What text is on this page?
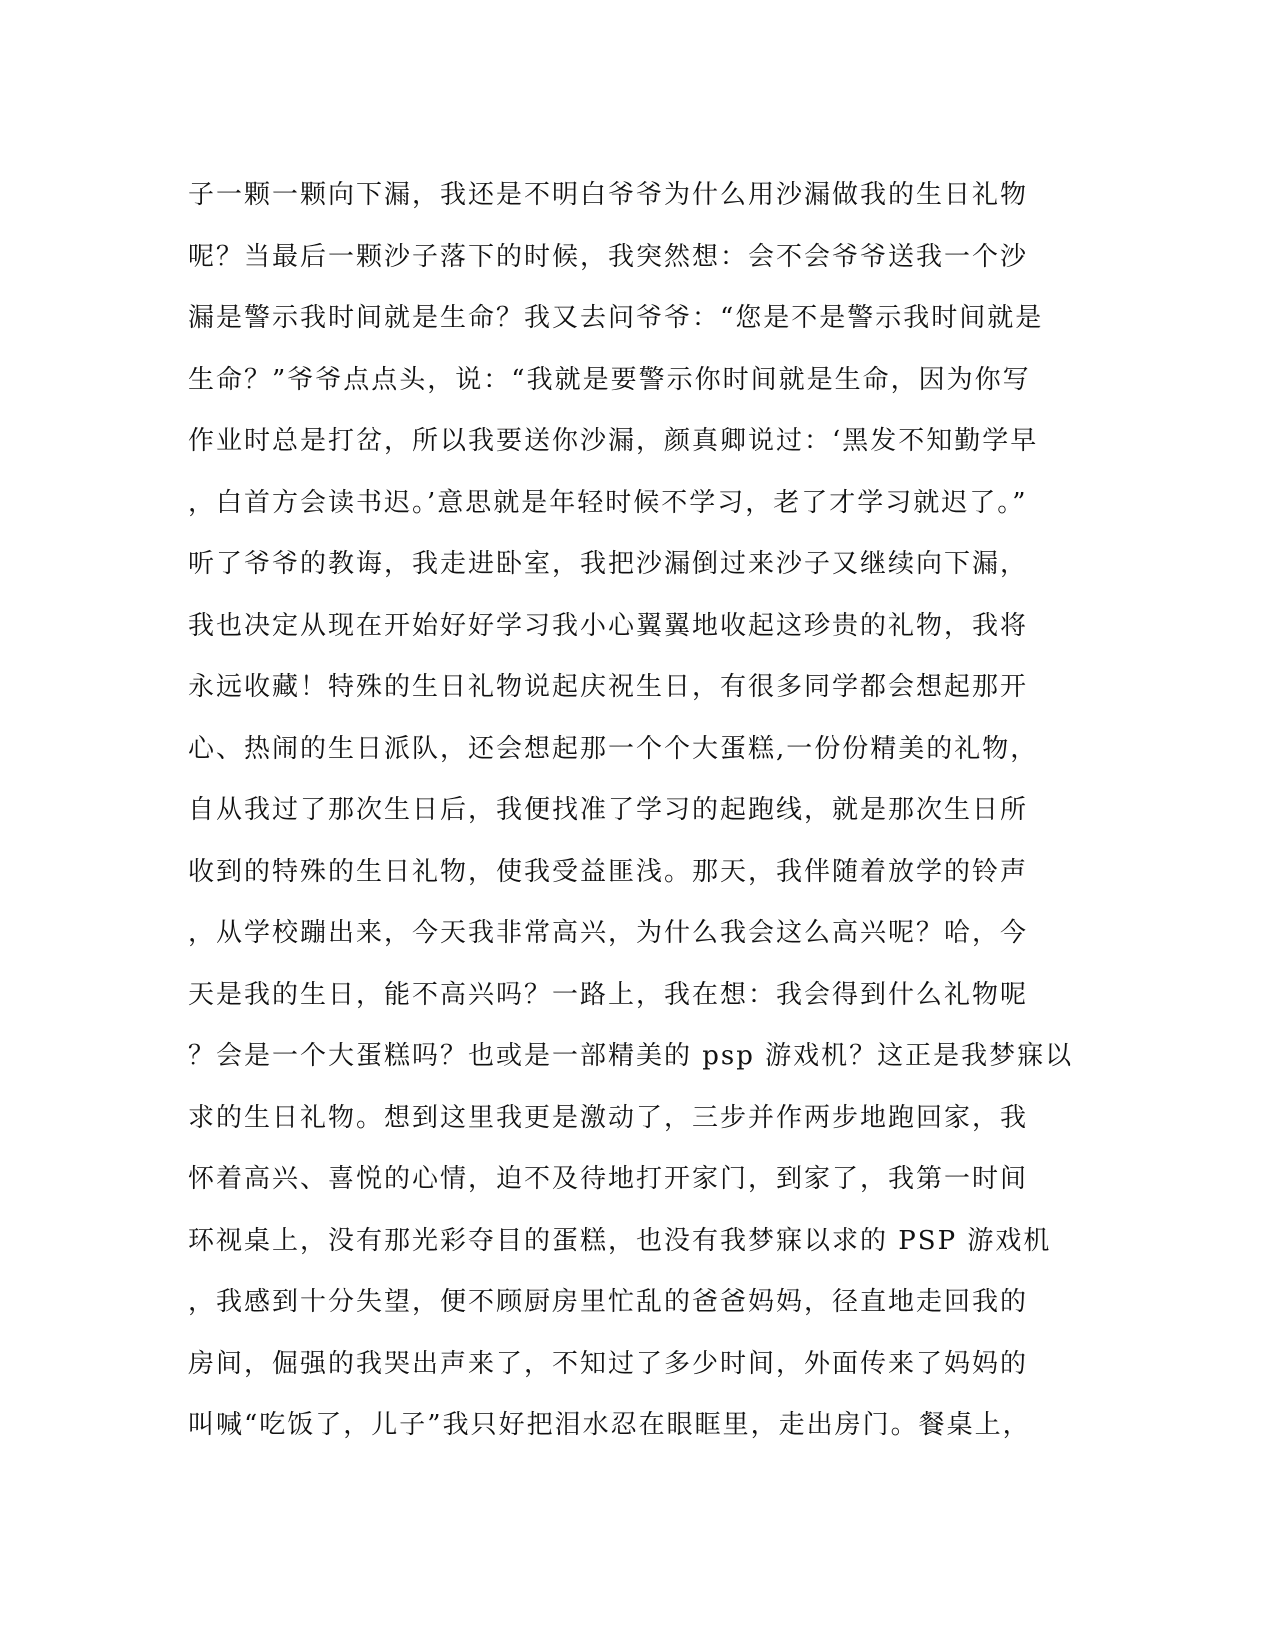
子一颗一颗向下漏，我还是不明白爷爷为什么用沙漏做我的生日礼物
呢？当最后一颗沙子落下的时候，我突然想：会不会爷爷送我一个沙
漏是警示我时间就是生命？我又去问爷爷：“您是不是警示我时间就是
生命？”爷爷点点头，说：“我就是要警示你时间就是生命，因为你写
作业时总是打岔，所以我要送你沙漏，颜真卿说过：‘黑发不知勤学早
，白首方会读书迟。’意思就是年轻时候不学习，老了才学习就迟了。”
听了爷爷的教诲，我走进卧室，我把沙漏倒过来沙子又继续向下漏，
我也决定从现在开始好好学习我小心翼翼地收起这珍贵的礼物，我将
永远收藏！特殊的生日礼物说起庆祝生日，有很多同学都会想起那开
心、热闹的生日派队，还会想起那一个个大蛋糕,一份份精美的礼物，
自从我过了那次生日后，我便找准了学习的起跑线，就是那次生日所
收到的特殊的生日礼物，使我受益匪浅。那天，我伴随着放学的铃声
，从学校蹦出来，今天我非常高兴，为什么我会这么高兴呢？哈，今
天是我的生日，能不高兴吗？一路上，我在想：我会得到什么礼物呢
？会是一个大蛋糕吗？也或是一部精美的 psp 游戏机？这正是我梦寐以
求的生日礼物。想到这里我更是激动了，三步并作两步地跑回家，我
怀着高兴、喜悦的心情，迫不及待地打开家门，到家了，我第一时间
环视桌上，没有那光彩夺目的蛋糕，也没有我梦寐以求的 PSP 游戏机
，我感到十分失望，便不顾厨房里忙乱的爸爸妈妈，径直地走回我的
房间，倔强的我哭出声来了，不知过了多少时间，外面传来了妈妈的
叫喊“吃饭了，儿子”我只好把泪水忍在眼眶里，走出房门。餐桌上，
